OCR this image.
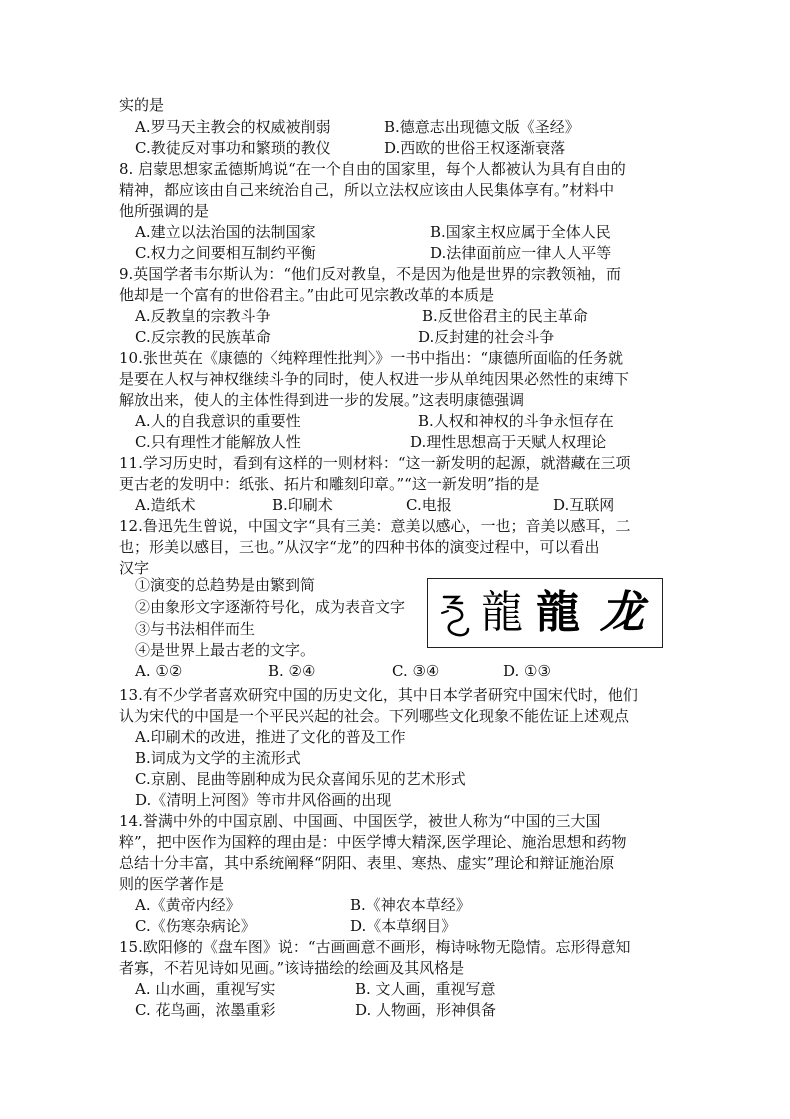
实的是
A.罗马天主教会的权威被削弱	B.德意志出现德文版《圣经》
C.教徒反对事功和繁琐的教仪	D.西欧的世俗王权逐渐衰落
8. 启蒙思想家孟德斯鸠说“在一个自由的国家里，每个人都被认为具有自由的
精神，都应该由自己来统治自己，所以立法权应该由人民集体享有。”材料中
他所强调的是
A.建立以法治国的法制国家	B.国家主权应属于全体人民
C.权力之间要相互制约平衡	D.法律面前应一律人人平等
9.英国学者韦尔斯认为：“他们反对教皇，不是因为他是世界的宗教领袖，而
他却是一个富有的世俗君主。”由此可见宗教改革的本质是
A.反教皇的宗教斗争	B.反世俗君主的民主革命
C.反宗教的民族革命	D.反封建的社会斗争
10.张世英在《康德的〈纯粹理性批判〉》一书中指出：“康德所面临的任务就
是要在人权与神权继续斗争的同时，使人权进一步从单纯因果必然性的束缚下
解放出来，使人的主体性得到进一步的发展。”这表明康德强调
A.人的自我意识的重要性	B.人权和神权的斗争永恒存在
C.只有理性才能解放人性	D.理性思想高于天赋人权理论
11.学习历史时，看到有这样的一则材料：“这一新发明的起源，就潜藏在三项
更古老的发明中：纸张、拓片和雕刻印章。”“这一新发明”指的是
A.造纸术	B.印刷术	C.电报	D.互联网
12.鲁迅先生曾说，中国文字“具有三美：意美以感心，一也；音美以感耳，二
也；形美以感目，三也。”从汉字“龙”的四种书体的演变过程中，可以看出
汉字
①演变的总趋势是由繁到简
②由象形文字逐渐符号化，成为表音文字
③与书法相伴而生
④是世界上最古老的文字。
龍 龍 龙
A. ①②	B. ②④	C. ③④	D. ①③
13.有不少学者喜欢研究中国的历史文化，其中日本学者研究中国宋代时，他们
认为宋代的中国是一个平民兴起的社会。下列哪些文化现象不能佐证上述观点
A.印刷术的改进，推进了文化的普及工作
B.词成为文学的主流形式
C.京剧、昆曲等剧种成为民众喜闻乐见的艺术形式
D.《清明上河图》等市井风俗画的出现
14.誉满中外的中国京剧、中国画、中国医学，被世人称为“中国的三大国
粹”，把中医作为国粹的理由是：中医学博大精深,医学理论、施治思想和药物
总结十分丰富，其中系统阐释“阴阳、表里、寒热、虚实”理论和辩证施治原
则的医学著作是
A.《黄帝内经》	B.《神农本草经》
C.《伤寒杂病论》	D.《本草纲目》
15.欧阳修的《盘车图》说：“古画画意不画形，梅诗咏物无隐情。忘形得意知
者寡，不若见诗如见画。”该诗描绘的绘画及其风格是
A. 山水画，重视写实	B. 文人画，重视写意
C. 花鸟画，浓墨重彩	D. 人物画，形神俱备
